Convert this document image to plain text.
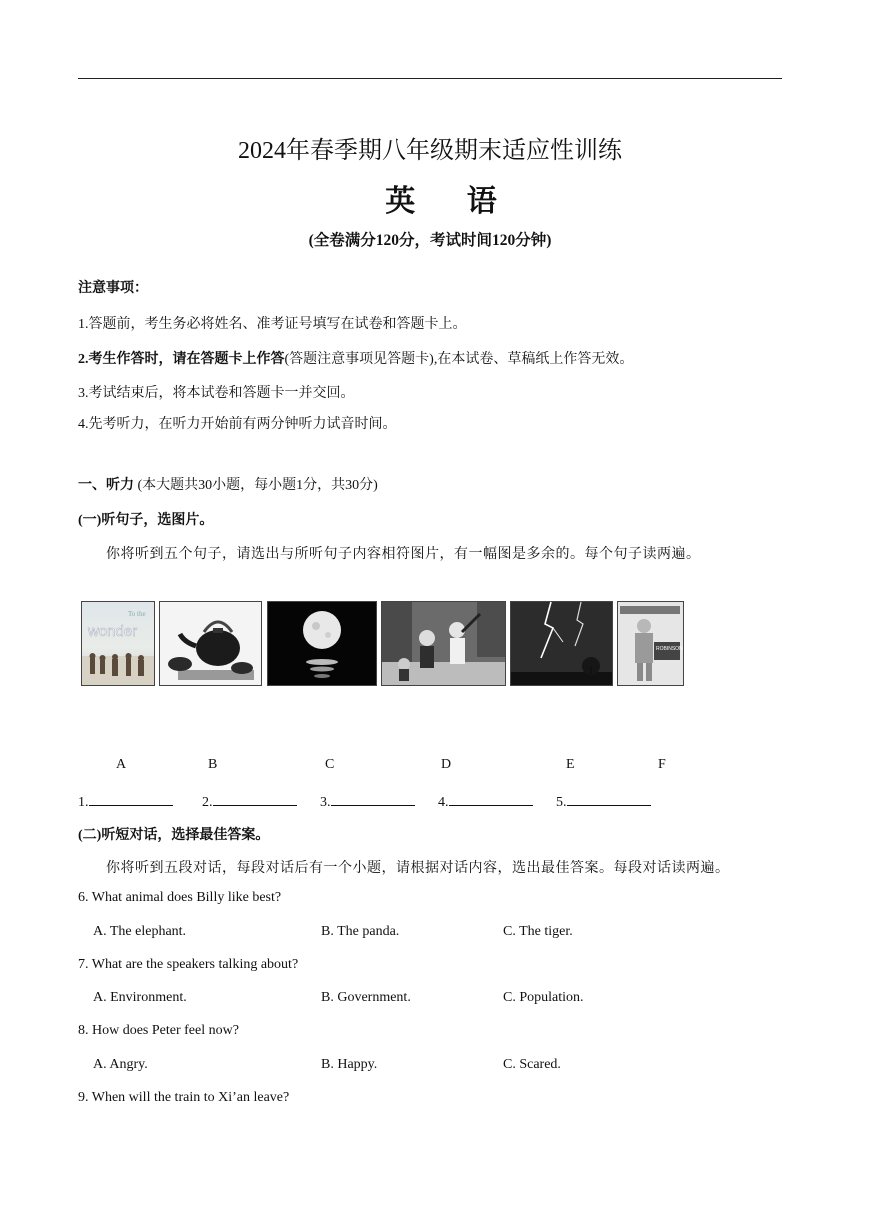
2024年春季期八年级期末适应性训练
英 语
(全卷满分120分，考试时间120分钟)
注意事项：
1.答题前，考生务必将姓名、准考证号填写在试卷和答题卡上。
2.考生作答时，请在答题卡上作答(答题注意事项见答题卡),在本试卷、草稿纸上作答无效。
3.考试结束后，将本试卷和答题卡一并交回。
4.先考听力，在听力开始前有两分钟听力试音时间。
一、听力 (本大题共30小题，每小题1分，共30分)
(一)听句子，选图片。
你将听到五个句子，请选出与所听句子内容相符图片，有一幅图是多余的。每个句子读两遍。
To the
wonder
ROBINSON CRUSOE
A	B	C	D	E	F
1.	2.	3.	4.	5.
(二)听短对话，选择最佳答案。
你将听到五段对话，每段对话后有一个小题，请根据对话内容，选出最佳答案。每段对话读两遍。
6. What animal does Billy like best?
A. The elephant.	B. The panda.	C. The tiger.
7. What are the speakers talking about?
A. Environment.	B. Government.	C. Population.
8. How does Peter feel now?
A. Angry.	B. Happy.	C. Scared.
9. When will the train to Xi’an leave?
